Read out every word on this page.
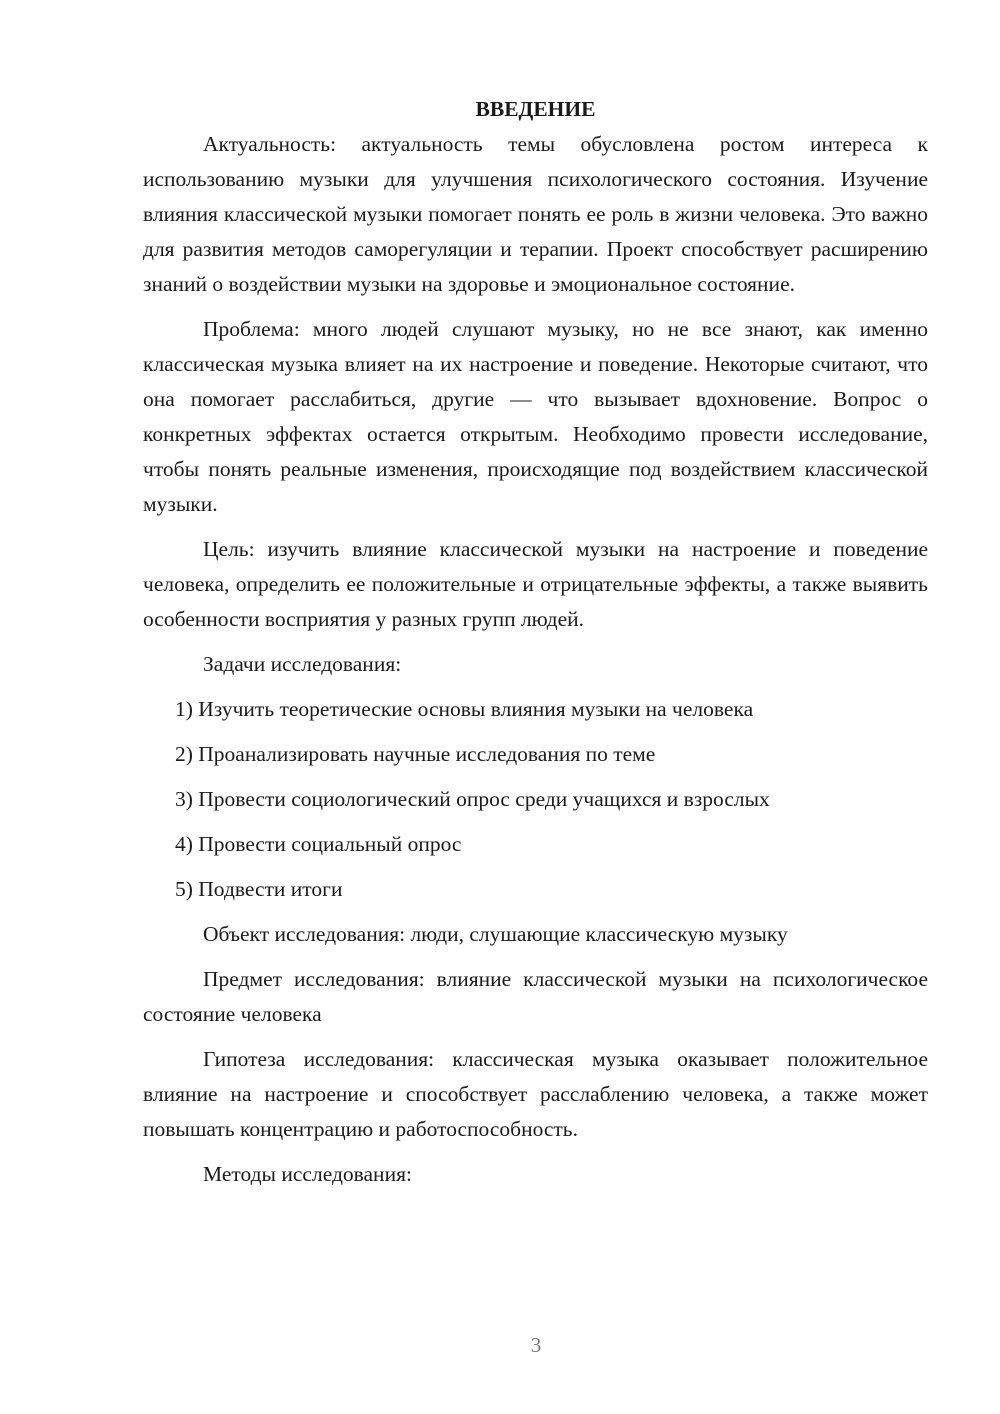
ВВЕДЕНИЕ

Актуальность: актуальность темы обусловлена ростом интереса к использованию музыки для улучшения психологического состояния. Изучение влияния классической музыки помогает понять ее роль в жизни человека. Это важно для развития методов саморегуляции и терапии. Проект способствует расширению знаний о воздействии музыки на здоровье и эмоциональное состояние.

Проблема: много людей слушают музыку, но не все знают, как именно классическая музыка влияет на их настроение и поведение. Некоторые считают, что она помогает расслабиться, другие — что вызывает вдохновение. Вопрос о конкретных эффектах остается открытым. Необходимо провести исследование, чтобы понять реальные изменения, происходящие под воздействием классической музыки.

Цель: изучить влияние классической музыки на настроение и поведение человека, определить ее положительные и отрицательные эффекты, а также выявить особенности восприятия у разных групп людей.

Задачи исследования:

1) Изучить теоретические основы влияния музыки на человека
2) Проанализировать научные исследования по теме
3) Провести социологический опрос среди учащихся и взрослых
4) Провести социальный опрос
5) Подвести итоги

Объект исследования: люди, слушающие классическую музыку

Предмет исследования: влияние классической музыки на психологическое состояние человека

Гипотеза исследования: классическая музыка оказывает положительное влияние на настроение и способствует расслаблению человека, а также может повышать концентрацию и работоспособность.

Методы исследования:

3
